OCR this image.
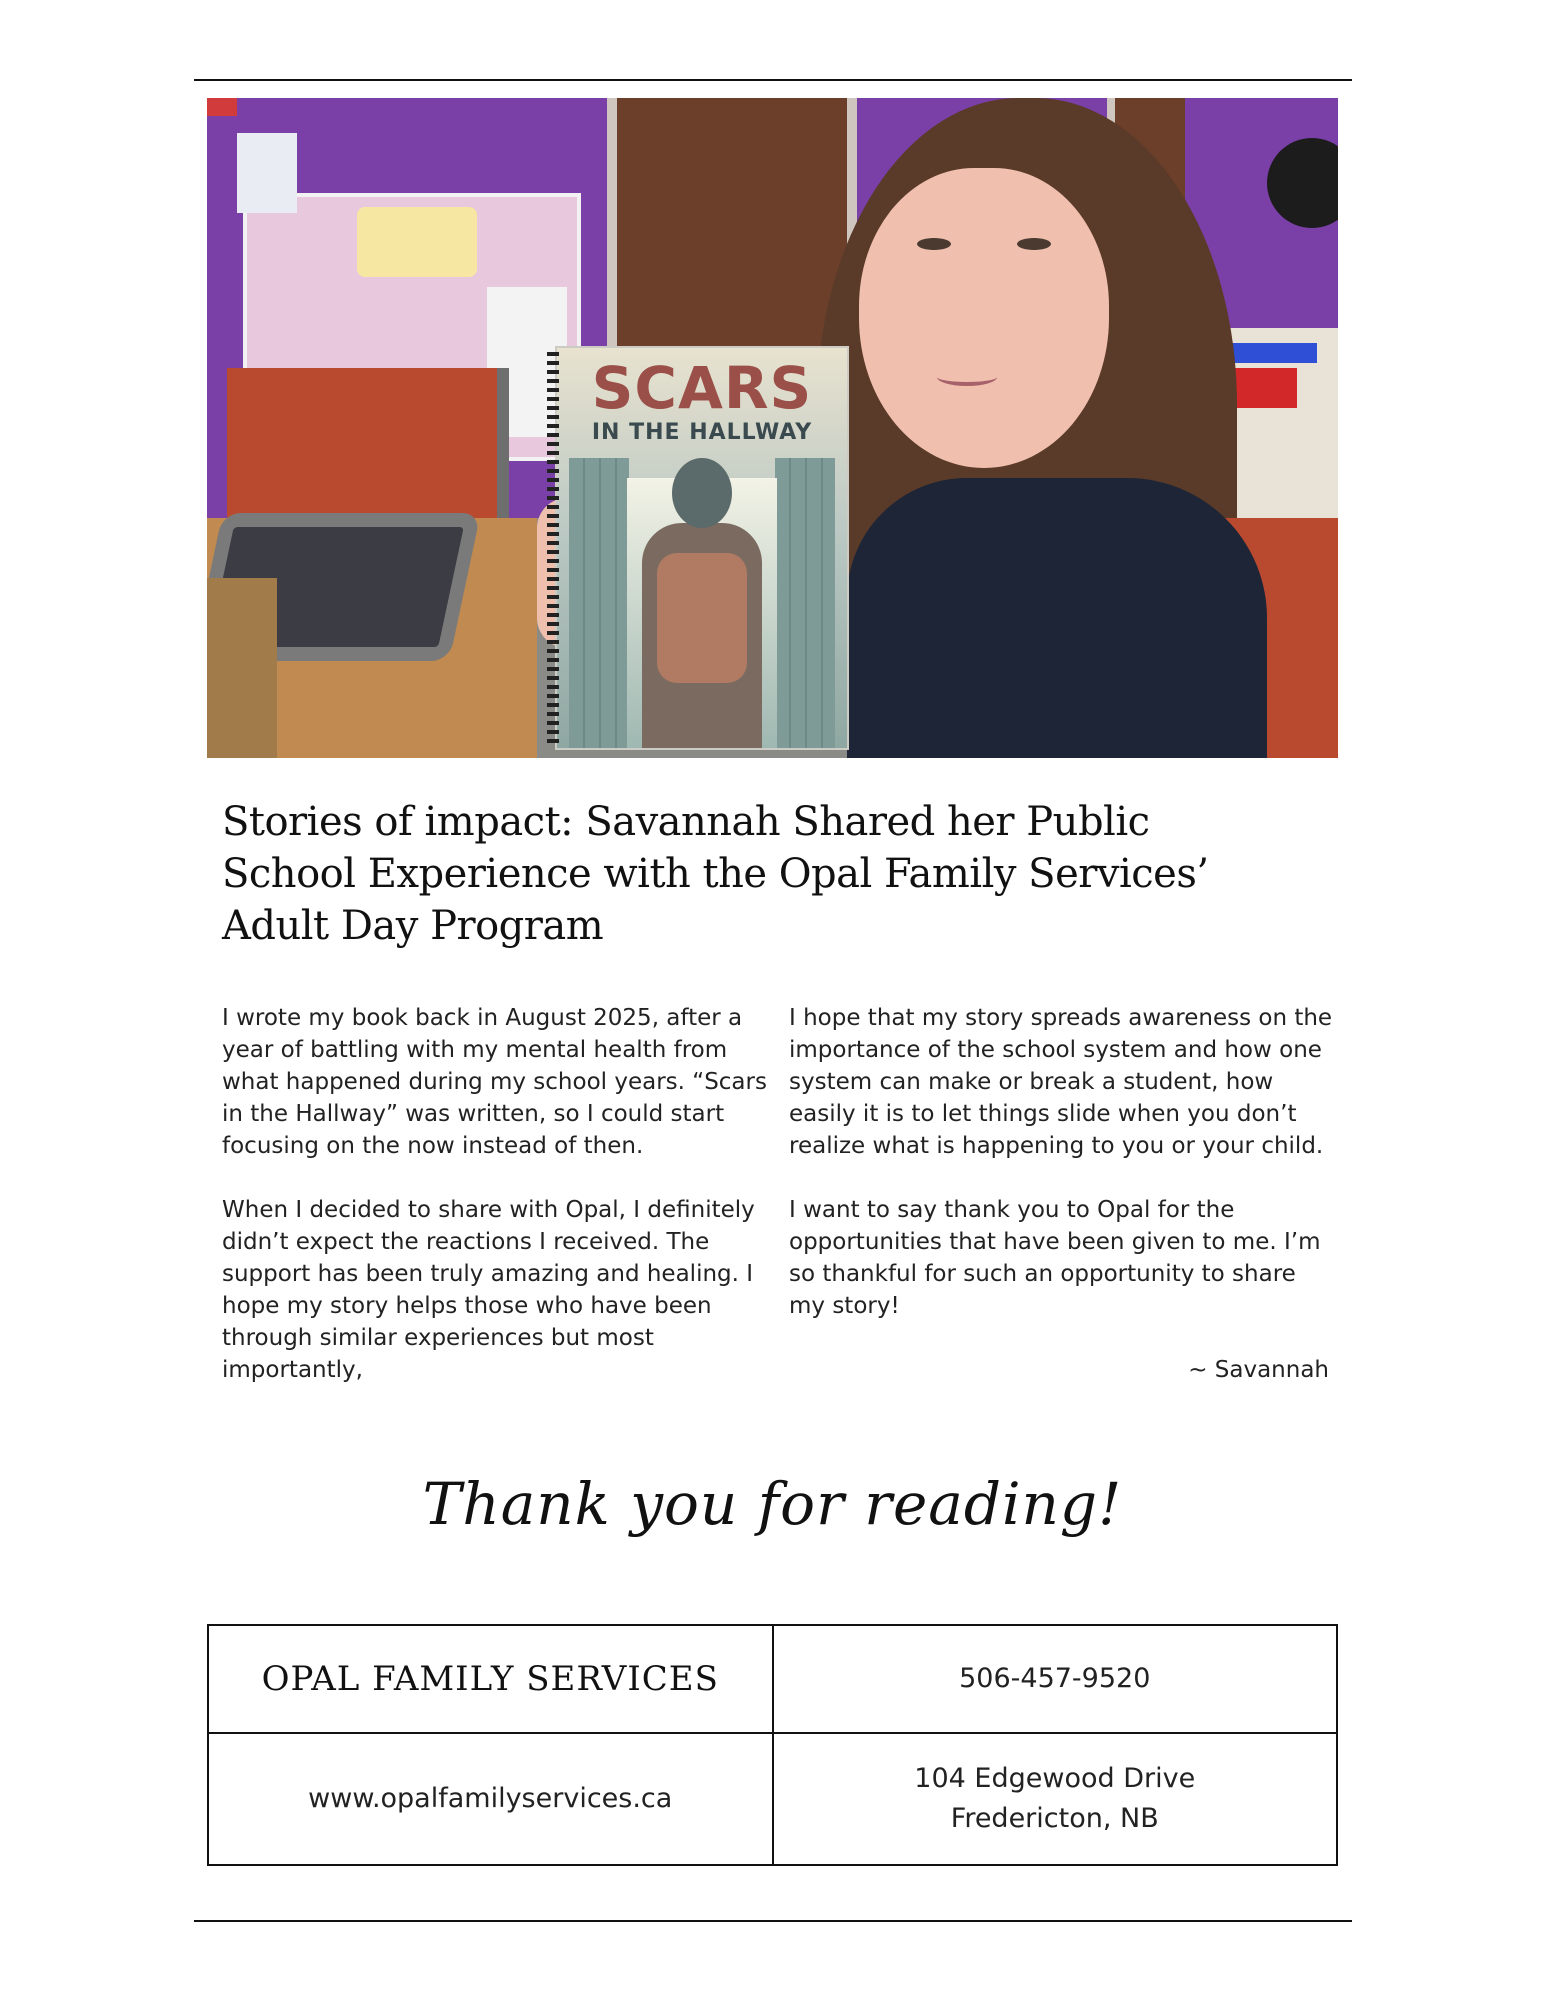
SCARS
IN THE HALLWAY
Stories of impact: Savannah Shared her Public School Experience with the Opal Family Services’ Adult Day Program

I wrote my book back in August 2025, after a year of battling with my mental health from what happened during my school years. “Scars in the Hallway” was written, so I could start focusing on the now instead of then.

When I decided to share with Opal, I definitely didn’t expect the reactions I received. The support has been truly amazing and healing. I hope my story helps those who have been through similar experiences but most importantly,

I hope that my story spreads awareness on the importance of the school system and how one system can make or break a student, how easily it is to let things slide when you don’t realize what is happening to you or your child.

I want to say thank you to Opal for the opportunities that have been given to me. I’m so thankful for such an opportunity to share my story!

~ Savannah

Thank you for reading!
OPAL FAMILY SERVICES	506-457-9520
www.opalfamilyservices.ca	104 Edgewood Drive
Fredericton, NB
